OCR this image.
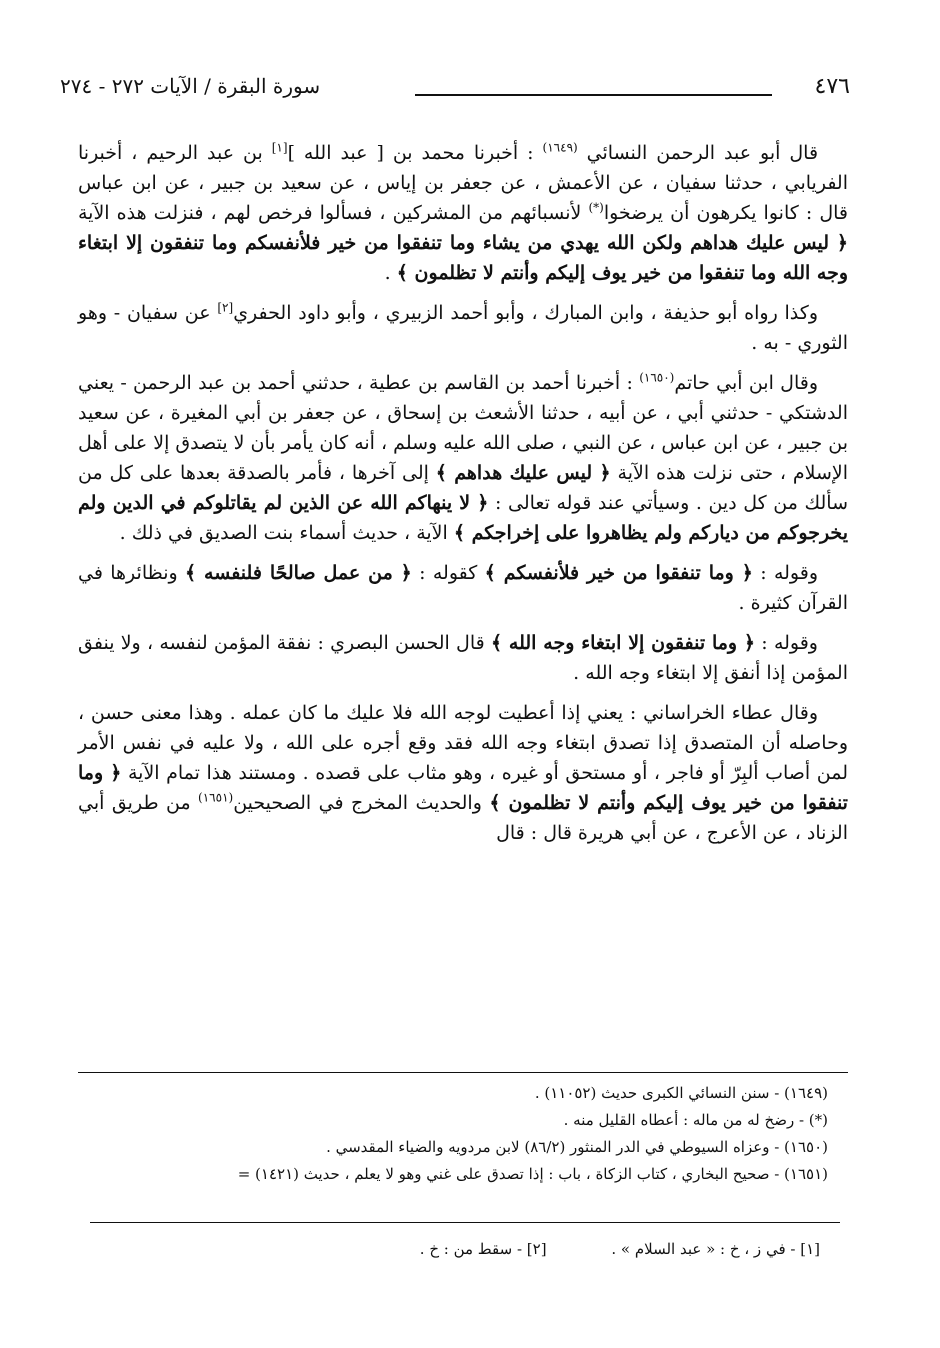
سورة البقرة / الآيات ٢٧٢ - ٢٧٤	٤٧٦

قال أبو عبد الرحمن النسائي $^{(١٦٤٩)}$ : أخبرنا محمد بن [ عبد الله ][١] بن عبد الرحيم ، أخبرنا الفريابي ، حدثنا سفيان ، عن الأعمش ، عن جعفر بن إياس ، عن سعيد بن جبير ، عن ابن عباس قال : كانوا يكرهون أن يرضخوا(*) لأنسبائهم من المشركين ، فسألوا فرخص لهم ، فنزلت هذه الآية ﴿ ليس عليك هداهم ولكن الله يهدي من يشاء وما تنفقوا من خير فلأنفسكم وما تنفقون إلا ابتغاء وجه الله وما تنفقوا من خير يوف إليكم وأنتم لا تظلمون ﴾ .

وكذا رواه أبو حذيفة ، وابن المبارك ، وأبو أحمد الزبيري ، وأبو داود الحفري[٢] عن سفيان - وهو الثوري - به .

وقال ابن أبي حاتم$^{(١٦٥٠)}$ : أخبرنا أحمد بن القاسم بن عطية ، حدثني أحمد بن عبد الرحمن - يعني الدشتكي - حدثني أبي ، عن أبيه ، حدثنا الأشعث بن إسحاق ، عن جعفر بن أبي المغيرة ، عن سعيد بن جبير ، عن ابن عباس ، عن النبي ، صلى الله عليه وسلم ، أنه كان يأمر بأن لا يتصدق إلا على أهل الإسلام ، حتى نزلت هذه الآية ﴿ ليس عليك هداهم ﴾ إلى آخرها ، فأمر بالصدقة بعدها على كل من سألك من كل دين . وسيأتي عند قوله تعالى : ﴿ لا ينهاكم الله عن الذين لم يقاتلوكم في الدين ولم يخرجوكم من دياركم ولم يظاهروا على إخراجكم ﴾ الآية ، حديث أسماء بنت الصديق في ذلك .

وقوله : ﴿ وما تنفقوا من خير فلأنفسكم ﴾ كقوله : ﴿ من عمل صالحًا فلنفسه ﴾ ونظائرها في القرآن كثيرة .

وقوله : ﴿ وما تنفقون إلا ابتغاء وجه الله ﴾ قال الحسن البصري : نفقة المؤمن لنفسه ، ولا ينفق المؤمن إذا أنفق إلا ابتغاء وجه الله .

وقال عطاء الخراساني : يعني إذا أعطيت لوجه الله فلا عليك ما كان عمله . وهذا معنى حسن ، وحاصله أن المتصدق إذا تصدق ابتغاء وجه الله فقد وقع أجره على الله ، ولا عليه في نفس الأمر لمن أصاب ألبِرّ أو فاجر ، أو مستحق أو غيره ، وهو مثاب على قصده . ومستند هذا تمام الآية ﴿ وما تنفقوا من خير يوف إليكم وأنتم لا تظلمون ﴾ والحديث المخرج في الصحيحين$^{(١٦٥١)}$ من طريق أبي الزناد ، عن الأعرج ، عن أبي هريرة قال : قال

(١٦٤٩) - سنن النسائي الكبرى حديث (١١٠٥٢) .

(*) - رضخ له من ماله : أعطاه القليل منه .

(١٦٥٠) - وعزاه السيوطي في الدر المنثور (٨٦/٢) لابن مردويه والضياء المقدسي .

(١٦٥١) - صحيح البخاري ، كتاب الزكاة ، باب : إذا تصدق على غني وهو لا يعلم ، حديث (١٤٢١) =

[١] - في ز ، خ : « عبد السلام » . [٢] - سقط من : خ .
